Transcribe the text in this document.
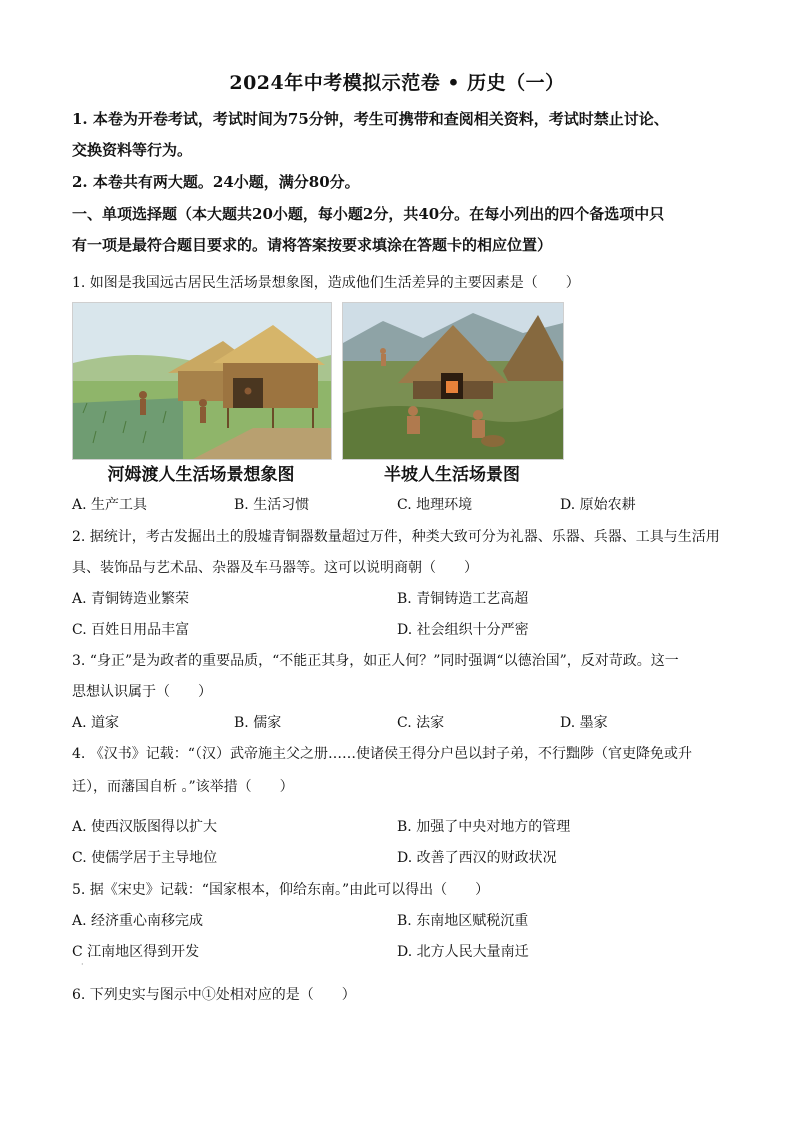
2024年中考模拟示范卷 • 历史（一）
1. 本卷为开卷考试，考试时间为75分钟，考生可携带和查阅相关资料，考试时禁止讨论、
交换资料等行为。
2. 本卷共有两大题。24小题，满分80分。
一、单项选择题（本大题共20小题，每小题2分，共40分。在每小列出的四个备选项中只
有一项是最符合题目要求的。请将答案按要求填涂在答题卡的相应位置）
1. 如图是我国远古居民生活场景想象图，造成他们生活差异的主要因素是（　　）
河姆渡人生活场景想象图	半坡人生活场景图
A. 生产工具	B. 生活习惯	C. 地理环境	D. 原始农耕
2. 据统计，考古发掘出土的殷墟青铜器数量超过万件，种类大致可分为礼器、乐器、兵器、工具与生活用
具、装饰品与艺术品、杂器及车马器等。这可以说明商朝（　　）
A. 青铜铸造业繁荣	B. 青铜铸造工艺高超
C. 百姓日用品丰富	D. 社会组织十分严密
3. “身正”是为政者的重要品质，“不能正其身，如正人何？”同时强调“以德治国”，反对苛政。这一
思想认识属于（　　）
A. 道家	B. 儒家	C. 法家	D. 墨家
4. 《汉书》记载：“（汉）武帝施主父之册……使诸侯王得分户邑以封子弟，不行黜陟（官吏降免或升
迁），而藩国自析 。”该举措（　　）
A. 使西汉版图得以扩大	B. 加强了中央对地方的管理
C. 使儒学居于主导地位	D. 改善了西汉的财政状况
5. 据《宋史》记载：“国家根本，仰给东南。”由此可以得出（　　）
A. 经济重心南移完成	B. 东南地区赋税沉重
C 江南地区得到开发	D. 北方人民大量南迁
·
6. 下列史实与图示中①处相对应的是（　　）
